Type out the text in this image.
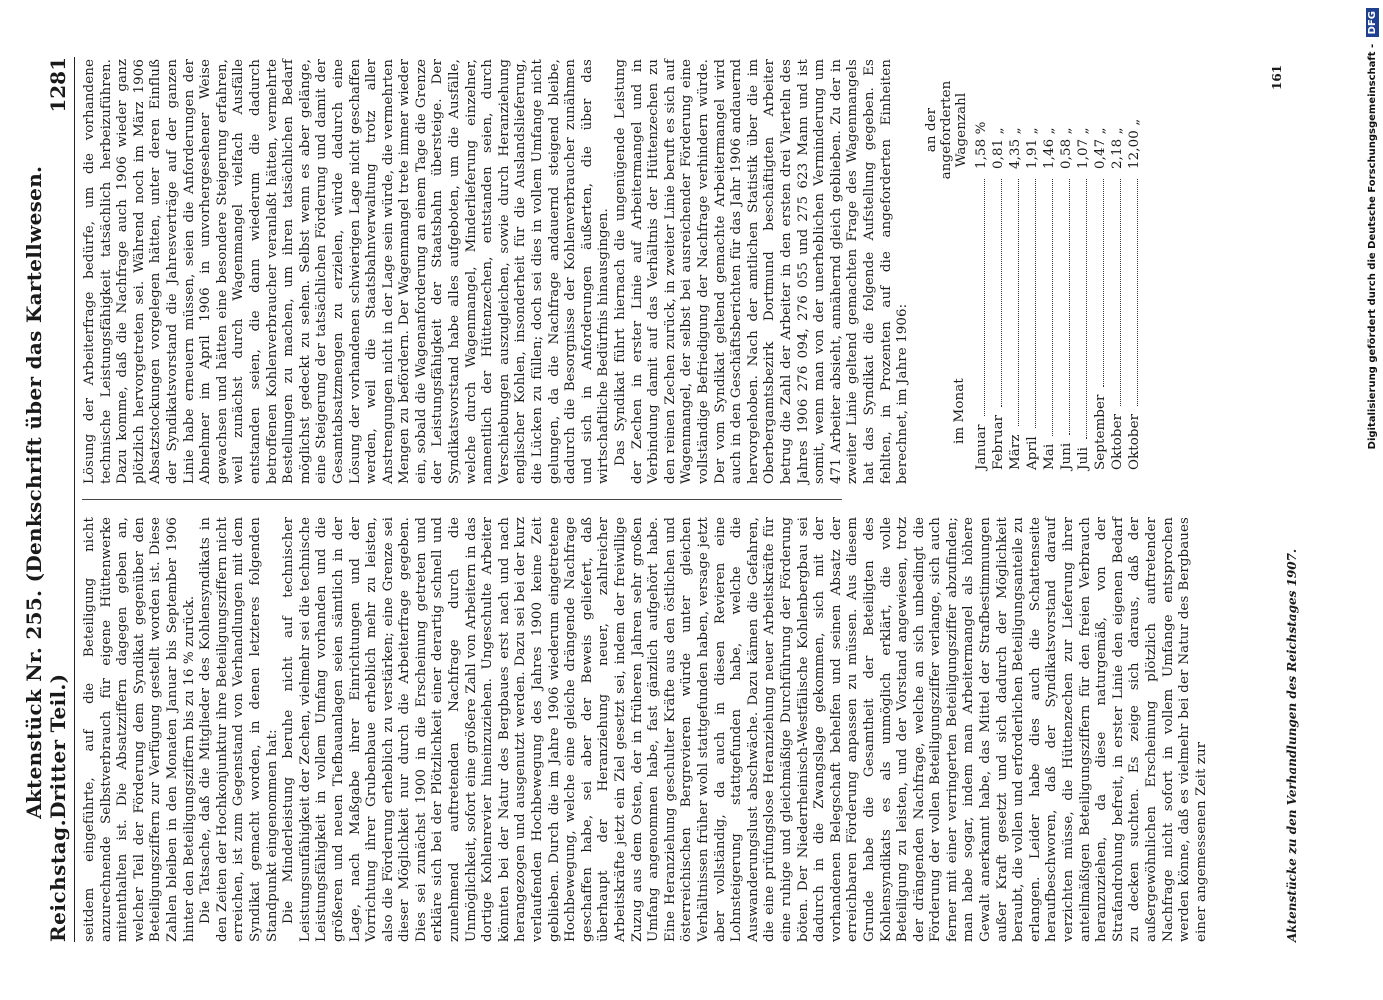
Reichstag.
Aktenstück Nr. 255. (Denkschrift über das Kartellwesen. Dritter Teil.)
1281

seitdem eingeführte, auf die Beteiligung nicht anzurechnende Selbstverbrauch für eigene Hüttenwerke mitenthalten ist. Die Absatzziffern dagegen geben an, welcher Teil der Förderung dem Syndikat gegenüber den Beteiligungsziffern zur Verfügung gestellt worden ist. Diese Zahlen bleiben in den Monaten Januar bis September 1906 hinter den Beteiligungsziffern bis zu 16 % zurück. Die Tatsache, daß die Mitglieder des Kohlensyndikats in den Zeiten der Hochkonjunktur ihre Beteiligungsziffern nicht erreichen, ist zum Gegenstand von Verhandlungen mit dem Syndikat gemacht worden, in denen letzteres folgenden Standpunkt eingenommen hat: Die Minderleistung beruhe nicht auf technischer Leistungsunfähigkeit der Zechen, vielmehr sei die technische Leistungsfähigkeit in vollem Umfang vorhanden und die größeren und neuen Tiefbauanlagen seien sämtlich in der Lage, nach Maßgabe ihrer Einrichtungen und der Vorrichtung ihrer Grubenbaue erheblich mehr zu leisten, also die Förderung erheblich zu verstärken; eine Grenze sei dieser Möglichkeit nur durch die Arbeiterfrage gegeben. Dies sei zunächst 1900 in die Erscheinung getreten und erkläre sich bei der Plötzlichkeit einer derartig schnell und zunehmend auftretenden Nachfrage durch die Unmöglichkeit, sofort eine größere Zahl von Arbeitern in das dortige Kohlenrevier hineinzuziehen. Ungeschulte Arbeiter könnten bei der Natur des Bergbaues erst nach und nach herangezogen und ausgenutzt werden. Dazu sei bei der kurz verlaufenden Hochbewegung des Jahres 1900 keine Zeit geblieben. Durch die im Jahre 1906 wiederum eingetretene Hochbewegung, welche eine gleiche drängende Nachfrage geschaffen habe, sei aber der Beweis geliefert, daß überhaupt der Heranziehung neuer, zahlreicher Arbeitskräfte jetzt ein Ziel gesetzt sei, indem der freiwillige Zuzug aus dem Osten, der in früheren Jahren sehr großen Umfang angenommen habe, fast gänzlich aufgehört habe. Eine Heranziehung geschulter Kräfte aus den östlichen und österreichischen Bergrevieren würde unter gleichen Verhältnissen früher wohl stattgefunden haben, versage jetzt aber vollständig, da auch in diesen Revieren eine Lohnsteigerung stattgefunden habe, welche die Auswanderungslust abschwäche. Dazu kämen die Gefahren, die eine prüfungslose Heranziehung neuer Arbeitskräfte für eine ruhige und gleichmäßige Durchführung der Förderung böten. Der Niederrheinisch-Westfälische Kohlenbergbau sei dadurch in die Zwangslage gekommen, sich mit der vorhandenen Belegschaft behelfen und seinen Absatz der erreichbaren Förderung anpassen zu müssen. Aus diesem Grunde habe die Gesamtheit der Beteiligten des Kohlensyndikats es als unmöglich erklärt, die volle Beteiligung zu leisten, und der Vorstand angewiesen, trotz der drängenden Nachfrage, welche an sich unbedingt die Förderung der vollen Beteiligungsziffer verlange, sich auch ferner mit einer verringerten Beteiligungsziffer abzufinden; man habe sogar, indem man Arbeitermangel als höhere Gewalt anerkannt habe, das Mittel der Strafbestimmungen außer Kraft gesetzt und sich dadurch der Möglichkeit beraubt, die vollen und erforderlichen Beteiligungsanteile zu erlangen. Leider habe dies auch die Schattenseite heraufbeschworen, daß der Syndikatsvorstand darauf verzichten müsse, die Hüttenzechen zur Lieferung ihrer anteilmäßigen Beteiligungsziffern für den freien Verbrauch heranzuziehen, da diese naturgemäß, von der Strafandrohung befreit, in erster Linie den eigenen Bedarf zu decken suchten. Es zeige sich daraus, daß der außergewöhnlichen Erscheinung plötzlich auftretender Nachfrage nicht sofort in vollem Umfange entsprochen werden könne, daß es vielmehr bei der Natur des Bergbaues einer angemessenen Zeit zur

Lösung der Arbeiterfrage bedürfe, um die vorhandene technische Leistungsfähigkeit tatsächlich herbeizuführen. Dazu komme, daß die Nachfrage auch 1906 wieder ganz plötzlich hervorgetreten sei. Während noch im März 1906 Absatzstockungen vorgelegen hätten, unter deren Einfluß der Syndikatsvorstand die Jahresverträge auf der ganzen Linie habe erneuern müssen, seien die Anforderungen der Abnehmer im April 1906 in unvorhergesehener Weise gewachsen und hätten eine besondere Steigerung erfahren, weil zunächst durch Wagenmangel vielfach Ausfälle entstanden seien, die dann wiederum die dadurch betroffenen Kohlenverbraucher veranlaßt hätten, vermehrte Bestellungen zu machen, um ihren tatsächlichen Bedarf möglichst gedeckt zu sehen. Selbst wenn es aber gelänge, eine Steigerung der tatsächlichen Förderung und damit der Gesamtabsatzmengen zu erzielen, würde dadurch eine Lösung der vorhandenen schwierigen Lage nicht geschaffen werden, weil die Staatsbahnverwaltung trotz aller Anstrengungen nicht in der Lage sein würde, die vermehrten Mengen zu befördern. Der Wagenmangel trete immer wieder ein, sobald die Wagenanforderung an einem Tage die Grenze der Leistungsfähigkeit der Staatsbahn übersteige. Der Syndikatsvorstand habe alles aufgeboten, um die Ausfälle, welche durch Wagenmangel, Minderlieferung einzelner, namentlich der Hüttenzechen, entstanden seien, durch Verschiebungen auszugleichen, sowie durch Heranziehung englischer Kohlen, insonderheit für die Auslandslieferung, die Lücken zu füllen; doch sei dies in vollem Umfange nicht gelungen, da die Nachfrage andauernd steigend bleibe, dadurch die Besorgnisse der Kohlenverbraucher zunähmen und sich in Anforderungen äußerten, die über das wirtschaftliche Bedürfnis hinausgingen. Das Syndikat führt hiernach die ungenügende Leistung der Zechen in erster Linie auf Arbeitermangel und in Verbindung damit auf das Verhältnis der Hüttenzechen zu den reinen Zechen zurück, in zweiter Linie beruft es sich auf Wagenmangel, der selbst bei ausreichender Förderung eine vollständige Befriedigung der Nachfrage verhindern würde. Der vom Syndikat geltend gemachte Arbeitermangel wird auch in den Geschäftsberichten für das Jahr 1906 andauernd hervorgehoben. Nach der amtlichen Statistik über die im Oberbergamtsbezirk Dortmund beschäftigten Arbeiter betrug die Zahl der Arbeiter in den ersten drei Vierteln des Jahres 1906 276 094, 276 055 und 275 623 Mann und ist somit, wenn man von der unerheblichen Verminderung um 471 Arbeiter absieht, annähernd gleich geblieben. Zu der in zweiter Linie geltend gemachten Frage des Wagenmangels hat das Syndikat die folgende Aufstellung gegeben. Es fehlten, in Prozenten auf die angeforderten Einheiten berechnet, im Jahre 1906:	im Monat
an der angeforderten Wagenzahl
Januar
1,58 %
Februar
0,81 „
März
4,35 „
April
1,91 „
Mai
1,46 „
Juni
0,58 „
Juli
1,07 „
September
0,47 „
Oktober
2,18 „
Oktober
12,00 „
161
Aktenstücke zu den Verhandlungen des Reichstages 1907.
Digitalisierung gefördert durch die Deutsche Forschungsgemeinschaft - DFG
